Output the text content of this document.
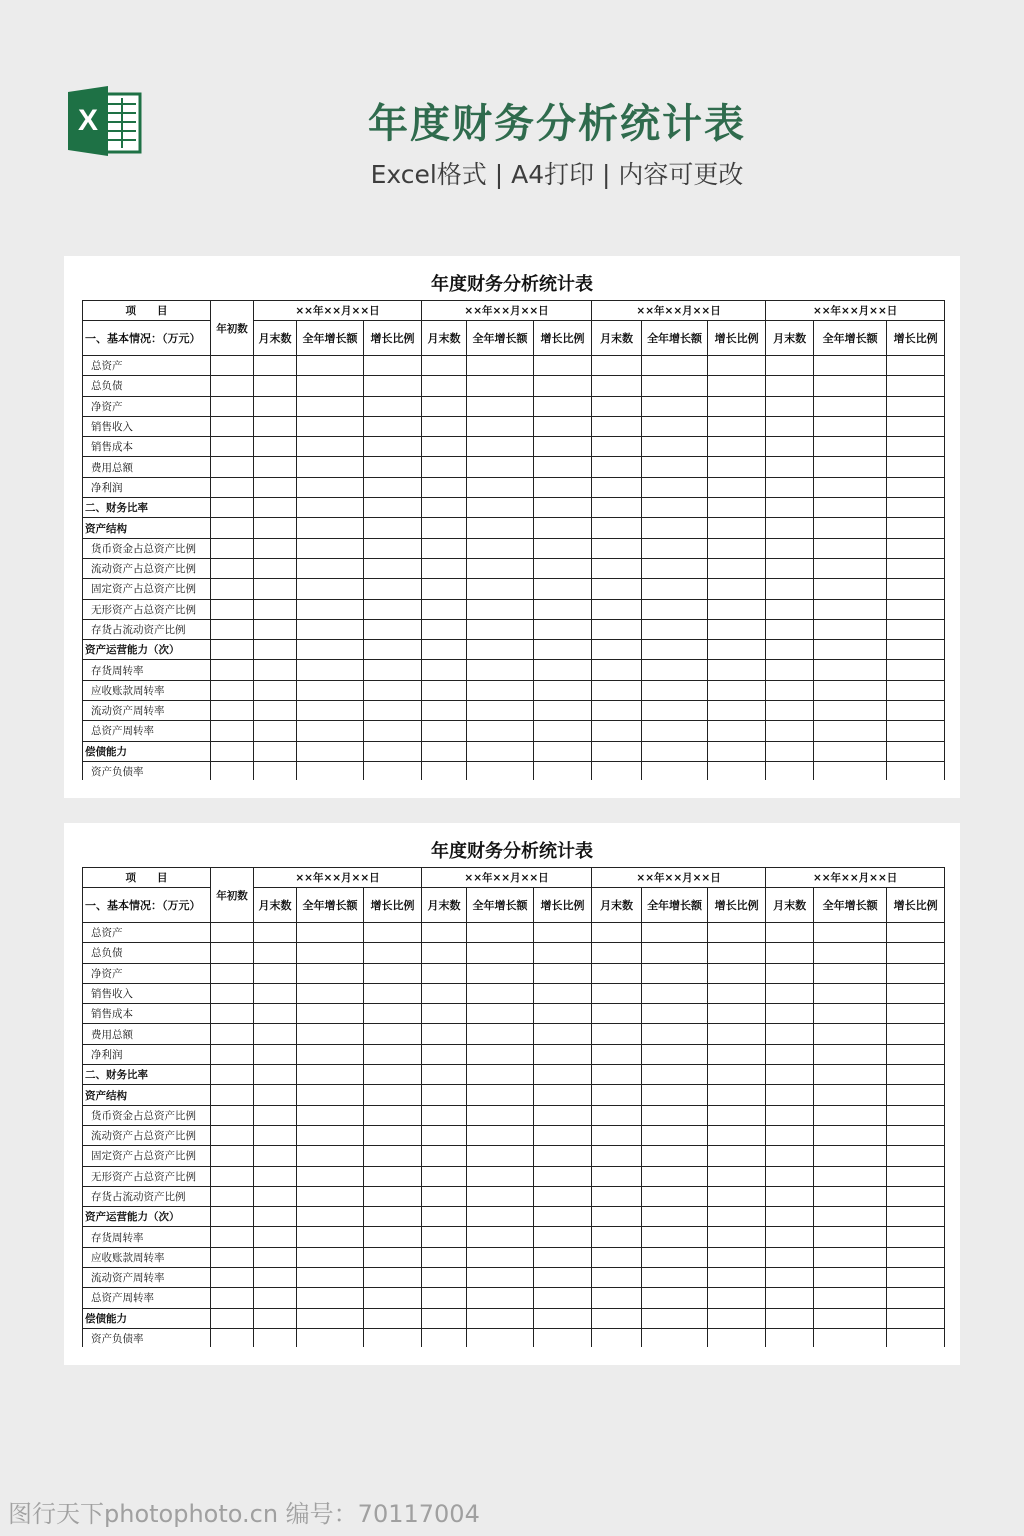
X	年度财务分析统计表
Excel格式 | A4打印 | 内容可更改
年度财务分析统计表
项　　目	年初数	××年××月××日			××年××月××日			××年××月××日			××年××月××日		
一、基本情况：（万元）		月末数	全年增长额	增长比例	月末数	全年增长额	增长比例	月末数	全年增长额	增长比例	月末数	全年增长额	增长比例
总资产													
总负债													
净资产													
销售收入													
销售成本													
费用总额													
净利润													
二、财务比率													
资产结构													
货币资金占总资产比例													
流动资产占总资产比例													
固定资产占总资产比例													
无形资产占总资产比例													
存货占流动资产比例													
资产运营能力（次）													
存货周转率													
应收账款周转率													
流动资产周转率													
总资产周转率													
偿债能力													
资产负债率													
年度财务分析统计表
项　　目	年初数	××年××月××日			××年××月××日			××年××月××日			××年××月××日		
一、基本情况：（万元）		月末数	全年增长额	增长比例	月末数	全年增长额	增长比例	月末数	全年增长额	增长比例	月末数	全年增长额	增长比例
总资产													
总负债													
净资产													
销售收入													
销售成本													
费用总额													
净利润													
二、财务比率													
资产结构													
货币资金占总资产比例													
流动资产占总资产比例													
固定资产占总资产比例													
无形资产占总资产比例													
存货占流动资产比例													
资产运营能力（次）													
存货周转率													
应收账款周转率													
流动资产周转率													
总资产周转率													
偿债能力													
资产负债率													
图行天下photophoto.cn 编号：70117004
